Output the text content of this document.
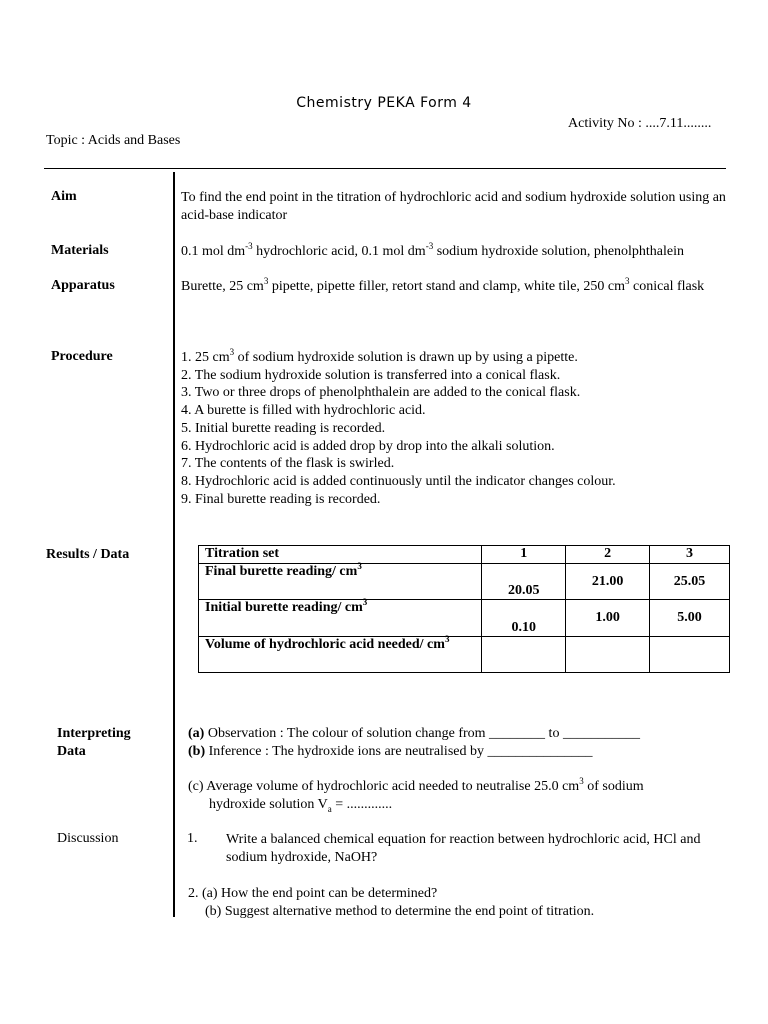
Chemistry PEKA Form 4
Activity No : ....7.11........
Topic : Acids and Bases
Aim	To find the end point in the titration of hydrochloric acid and sodium hydroxide solution using an acid-base indicator
Materials	0.1 mol $dm^{-3}$ hydrochloric acid, 0.1 mol $dm^{-3}$ sodium hydroxide solution, phenolphthalein
Apparatus	Burette, 25 $cm^3$ pipette, pipette filler, retort stand and clamp, white tile, 250 $cm^3$ conical flask
Procedure	1. 25 $cm^3$ of sodium hydroxide solution is drawn up by using a pipette.
2. The sodium hydroxide solution is transferred into a conical flask.
3. Two or three drops of phenolphthalein are added to the conical flask.
4. A burette is filled with hydrochloric acid.
5. Initial burette reading is recorded.
6. Hydrochloric acid is added drop by drop into the alkali solution.
7. The contents of the flask is swirled.
8. Hydrochloric acid is added continuously until the indicator changes colour.
9. Final burette reading is recorded.
Results / Data	Titration set	1	2	3
Final burette reading/ $cm^3$	20.05	21.00	25.05
Initial burette reading/ $cm^3$	0.10	1.00	5.00
Volume of hydrochloric acid needed/ $cm^3$			
Interpreting
Data
(a) Observation : The colour of solution change from ________ to ___________
(b) Inference : The hydroxide ions are neutralised by _______________
(c) Average volume of hydrochloric acid needed to neutralise 25.0 $cm^3$ of sodium
hydroxide solution $V_a$ = .............
Discussion	1. Write a balanced chemical equation for reaction between hydrochloric acid, HCl and sodium hydroxide, NaOH?
2. (a) How the end point can be determined?
(b) Suggest alternative method to determine the end point of titration.
